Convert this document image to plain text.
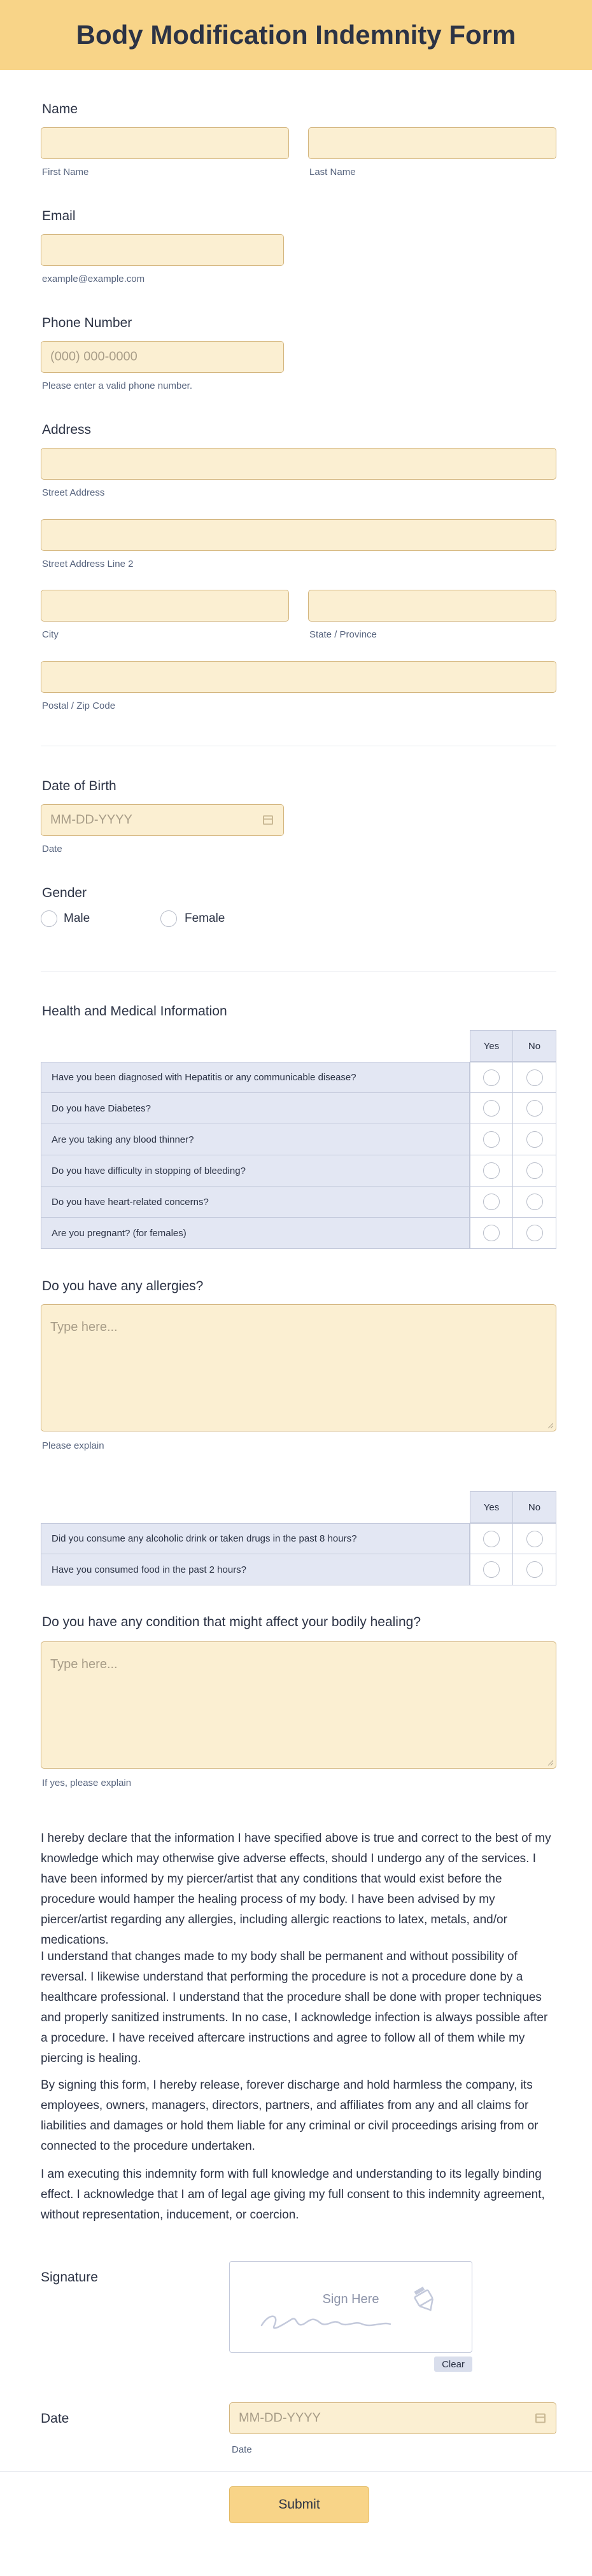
Body Modification Indemnity Form
Name
First Name	Last Name
Email
example@example.com
Phone Number
(000) 000-0000
Please enter a valid phone number.
Address
Street Address
Street Address Line 2
City	State / Province
Postal / Zip Code
Date of Birth
MM-DD-YYYY
Date
Gender
Male	Female
Health and Medical Information
Yes	No
Have you been diagnosed with Hepatitis or any communicable disease?
Do you have Diabetes?
Are you taking any blood thinner?
Do you have difficulty in stopping of bleeding?
Do you have heart-related concerns?
Are you pregnant? (for females)
Do you have any allergies?
Type here...
Please explain
Yes	No
Did you consume any alcoholic drink or taken drugs in the past 8 hours?
Have you consumed food in the past 2 hours?
Do you have any condition that might affect your bodily healing?
Type here...
If yes, please explain

I hereby declare that the information I have specified above is true and correct to the best of my knowledge which may otherwise give adverse effects, should I undergo any of the services. I have been informed by my piercer/artist that any conditions that would exist before the procedure would hamper the healing process of my body. I have been advised by my piercer/artist regarding any allergies, including allergic reactions to latex, metals, and/or medications.

I understand that changes made to my body shall be permanent and without possibility of reversal. I likewise understand that performing the procedure is not a procedure done by a healthcare professional. I understand that the procedure shall be done with proper techniques and properly sanitized instruments. In no case, I acknowledge infection is always possible after a procedure. I have received aftercare instructions and agree to follow all of them while my piercing is healing.

By signing this form, I hereby release, forever discharge and hold harmless the company, its employees, owners, managers, directors, partners, and affiliates from any and all claims for liabilities and damages or hold them liable for any criminal or civil proceedings arising from or connected to the procedure undertaken.

I am executing this indemnity form with full knowledge and understanding to its legally binding effect. I acknowledge that I am of legal age giving my full consent to this indemnity agreement, without representation, inducement, or coercion.

Signature
Sign Here
Clear
Date	MM-DD-YYYY
Date
Submit
